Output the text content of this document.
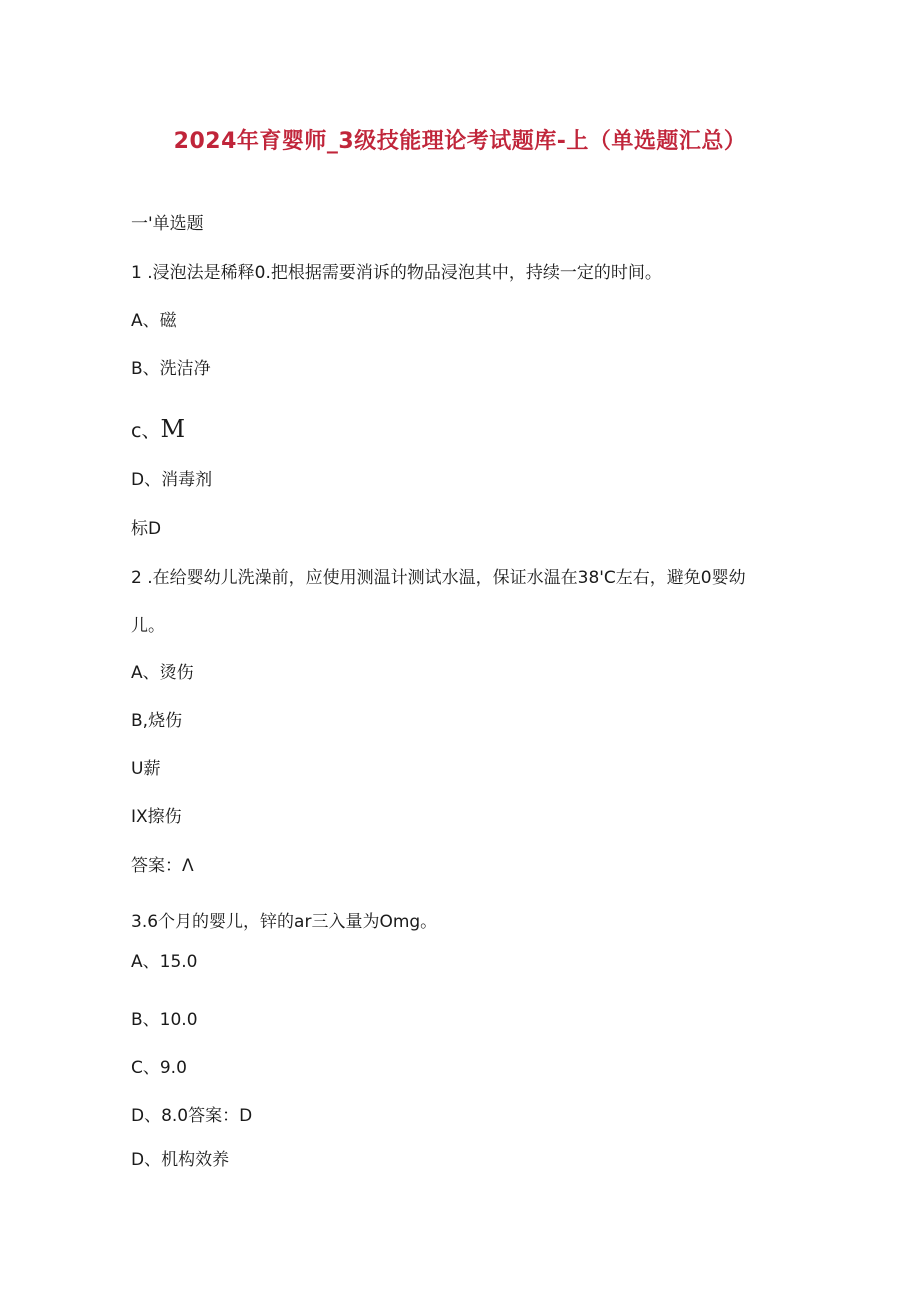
2024年育婴师_3级技能理论考试题库-上（单选题汇总）
一'单选题
1 .浸泡法是稀释0.把根据需要消诉的物品浸泡其中，持续一定的时间。
A、磁
B、洗洁净
c、M
D、消毒剂
标D
2 .在给婴幼儿洗澡前，应使用测温计测试水温，保证水温在38'C左右，避免0婴幼
儿。
A、烫伤
B,烧伤
U薪
IX擦伤
答案：Λ
3.6个月的婴儿，锌的ar三入量为Omg。
A、15.0
B、10.0
C、9.0
D、8.0答案：D
D、机构效养
